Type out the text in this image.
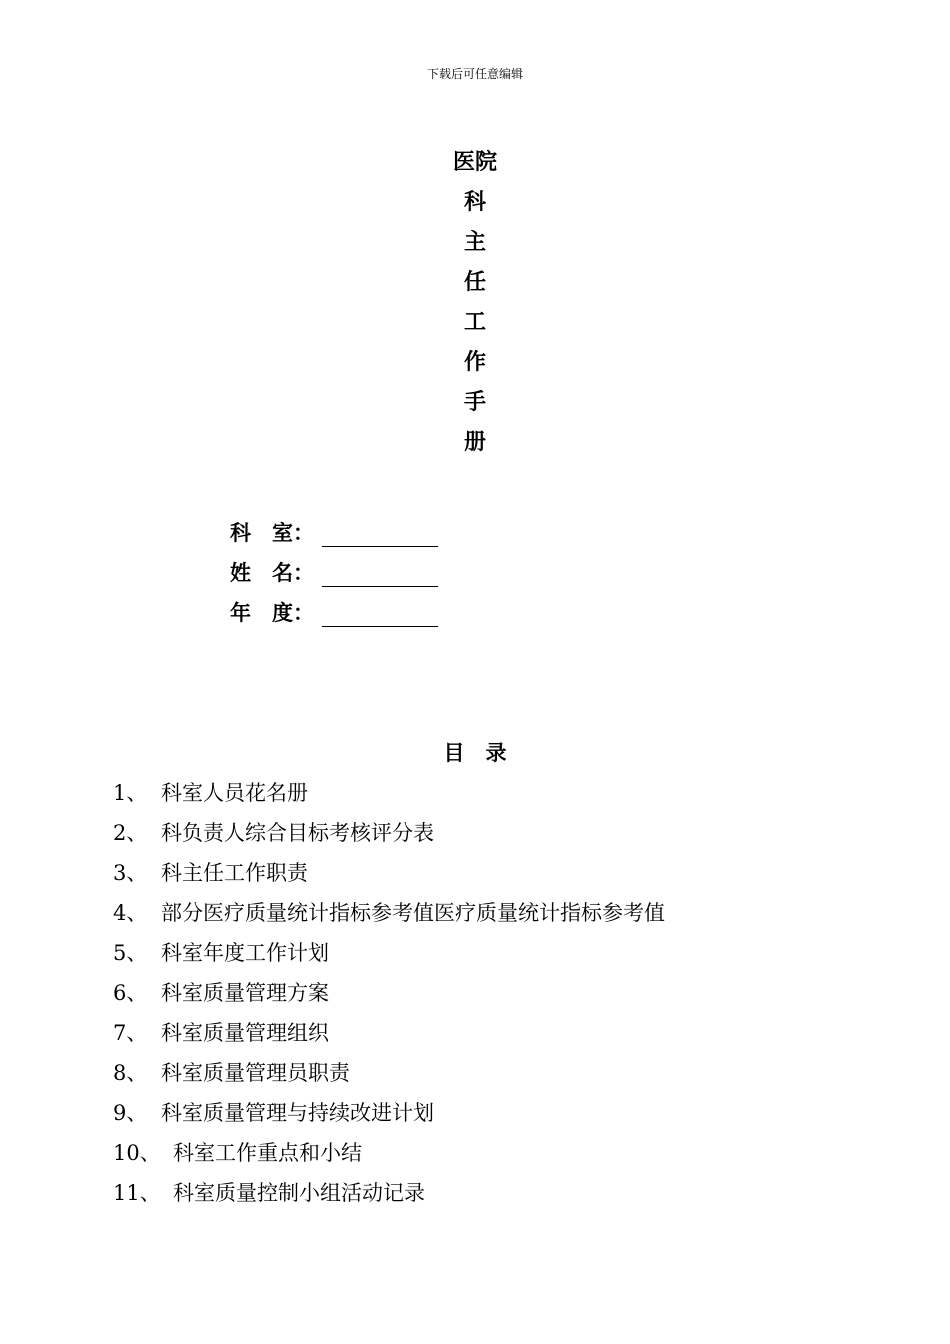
下载后可任意编辑
医院
科
主
任
工
作
手
册
科　室：
姓　名：
年　度：
目　录
1、 科室人员花名册
2、 科负责人综合目标考核评分表
3、 科主任工作职责
4、 部分医疗质量统计指标参考值医疗质量统计指标参考值
5、 科室年度工作计划
6、 科室质量管理方案
7、 科室质量管理组织
8、 科室质量管理员职责
9、 科室质量管理与持续改进计划
10、 科室工作重点和小结
11、 科室质量控制小组活动记录
